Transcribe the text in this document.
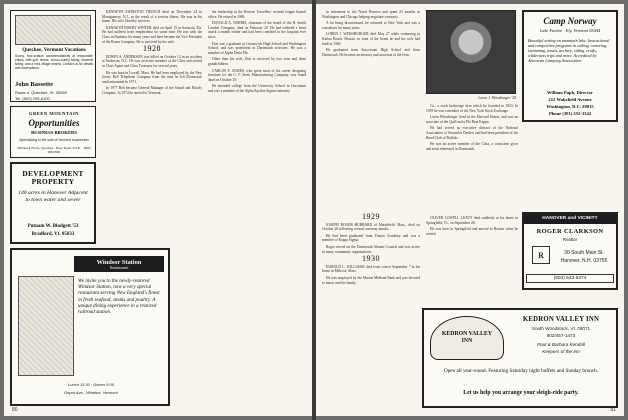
Quechee, Vermont Vacations
Sunny, four-season accommodations at reasonable prices, with golf, tennis, cross-country skiing, downhill skiing, and a mini-village nearby. Contact us for details and reservations.
John Bassette
Route 4, Quechee, Vt. 05059
Tel. (802) 295-6100
GREEN MOUNTAIN
Opportunities
BUSINESS BROKERS
Specializing in the sale of Vermont businesses
Michael & Pierre, Quechee · River Road, R.F.D. · (802) 295-5500
DEVELOPMENT PROPERTY
140 acres in Hanover Adjacent to town water and sewer
Putnam W. Blodgett '53
Bradford, Vt. 05033
Windsor Station
Restaurant
We invite you to the newly-restored Windsor Station, now a very special restaurant serving New England's finest in fresh seafood, steaks and poultry. A unique dining experience in a restored railroad station.
Lunch 11:30 · Dinner 5:00
Depot Ave., Windsor, Vermont

KENNETH JOHNSTON TRENCH died on December 24 in Montgomery, N.J., as the result of a serious illness. He was in his home. His wife Dorothy survives.

KENNETH EMERY WINTER died on April 15 in Sarasota, Fla. He had suffered from emphysema for some time. He was with the Class in Business for many years and later became the Vice President of the Bruen Company. He is survived by his wife.

1928

EDWIN A. ANDERSON was killed on October 13 in an accident at Anderson, N.C. He was an active member of the Class and served as Class Agent and Class Treasurer for several years.

He was born in Lowell, Mass. He had been employed by the New Jersey Bell Telephone Company from the time he left Dartmouth until retirement in 1971.

In 1977 Bob became General Manager of the Sound and Moody Company. In 1974 he moved to Vermont.

the leadership in the Reuven Travellers' seventh league branch office. He retired in 1969.

DONALD A. NORRIS, chairman of the board of the H. Smith Lumber Company, died on February 20. He had suffered a heart attack a month earlier and had been confined to the hospital ever since.

Don was a graduate of Greenwich High School and Washington School, and was prominent in Dartmouth activities. He was a member of Alpha Delta Phi.

Other than his wife, Don is survived by two sons and three grandchildren.

CARLOS F. SYMES, who spent most of his career designing furniture for the C. F. Streit Manufacturing Company, was found dead on October 29.

He attended college from the University School in Cincinnati and was a member of the Alpha Epsilon Sigma fraternity.

80

in retirement to the Naval Reserve and spent 23 months in Washington and Chicago helping negotiate contracts.

A lot being discontinued, he returned to New York and was a consultant for many years.

LOREN J. WEISSBURGER died May 27 while swimming in Kailua Beach, Hawaii, in front of the home he and his wife had built in 1966.

He graduated from Stuyvesant High School and from Dartmouth. He became an attorney and associate of the firm.

Loren J. Weissburger '28

Co., a stock brokerage firm which he founded in 1933. In 1959 he was a member of the New York Stock Exchange.

Loren Weissburger lived in the Harvard House, and was an associate of the Quill and a Phi Beta Kappa.

He had served as executive director of the National Association of Securities Dealers and had been president of the Bond Club of Buffalo.

He was an active member of the Class, a consistent giver and most interested in Dartmouth.

1929

JOSEPH ROGER HUBBARD of Marshfield, Mass., died on October 28 following several coronary attacks.

He had been graduated from Thayer Academy and was a member of Kappa Sigma.

Roger served on the Dartmouth Alumni Council and was active in many community organizations.

1930

HAROLD L. WILLIAMS died from cancer September 7 at his home in Melrose, Mass.

He was employed by the Marine Midland Bank and was devoted to music and his family.

OLIVER LOWELL LEAVY died suddenly at his home in Springfield, Vt., on September 28.

He was born in Springfield and moved to Boston when he retired.

Camp Norway
Lake Fairlee · Ely, Vermont 05044
Beautiful setting on mountain lake. Instructional and competitive programs in sailing, canoeing, swimming, tennis, archery, riding, crafts, wilderness trips and more. Accredited by American Camping Association.
William Paph, Director
212 Wakefield Avenue
Washington, D.C. 20015
Phone (301) 252-3342
HANOVER and VICINITY
ROGER CLARKSON
Realtor
R	30 South Main St.
Hanover, N.H. 03755
(603) 643-5374
KEDRON VALLEY INN
KEDRON VALLEY INN
South Woodstock, Vt. 05071
802/457-1473
Paul & Barbara Kendall
Keepers of the Inn
Open all year-round. Featuring Saturday night buffets and Sunday brunch.
Let us help you arrange your sleigh-ride party.
81
